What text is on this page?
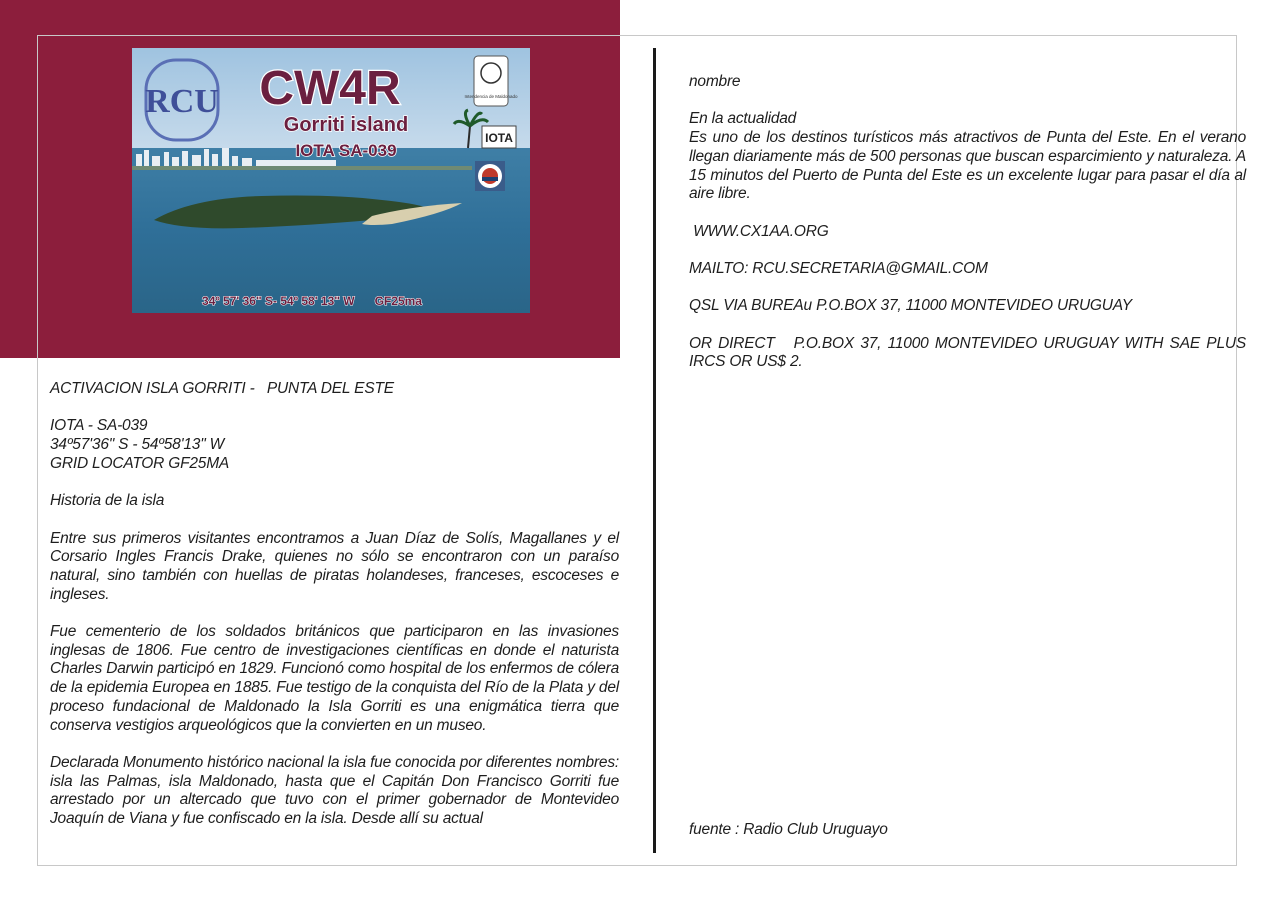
RCU CW4R
Gorriti island
IOTA SA-039
Intendencia de Maldonado
IOTA
34º 57' 36" S- 54º 58' 13" W      GF25ma

ACTIVACION ISLA GORRITI -   PUNTA DEL ESTE

IOTA - SA-039

34º57'36" S - 54º58'13" W

GRID LOCATOR GF25MA

Historia de la isla

Entre sus primeros visitantes encontramos a Juan Díaz de Solís, Magallanes y el Corsario Ingles Francis Drake, quienes no sólo se encontraron con un paraíso natural, sino también con huellas de piratas holandeses, franceses, escoceses e ingleses.

Fue cementerio de los soldados británicos que participaron en las invasiones inglesas de 1806. Fue centro de investigaciones científicas en donde el naturista Charles Darwin participó en 1829. Funcionó como hospital de los enfermos de cólera de la epidemia Europea en 1885. Fue testigo de la conquista del Río de la Plata y del proceso fundacional de Maldonado la Isla Gorriti es una enigmática tierra que conserva vestigios arqueológicos que la convierten en un museo.

Declarada Monumento histórico nacional la isla fue conocida por diferentes nombres: isla las Palmas, isla Maldonado, hasta que el Capitán Don Francisco Gorriti fue arrestado por un altercado que tuvo con el primer gobernador de Montevideo Joaquín de Viana y fue confiscado en la isla. Desde allí su actual

nombre

En la actualidad

Es uno de los destinos turísticos más atractivos de Punta del Este. En el verano llegan diariamente más de 500 personas que buscan esparcimiento y naturaleza. A 15 minutos del Puerto de Punta del Este es un excelente lugar para pasar el día al aire libre.

WWW.CX1AA.ORG

MAILTO: RCU.SECRETARIA@GMAIL.COM

QSL VIA BUREAu P.O.BOX 37, 11000 MONTEVIDEO URUGUAY

OR DIRECT   P.O.BOX 37, 11000 MONTEVIDEO URUGUAY WITH SAE PLUS IRCS OR US$ 2.

fuente : Radio Club Uruguayo
